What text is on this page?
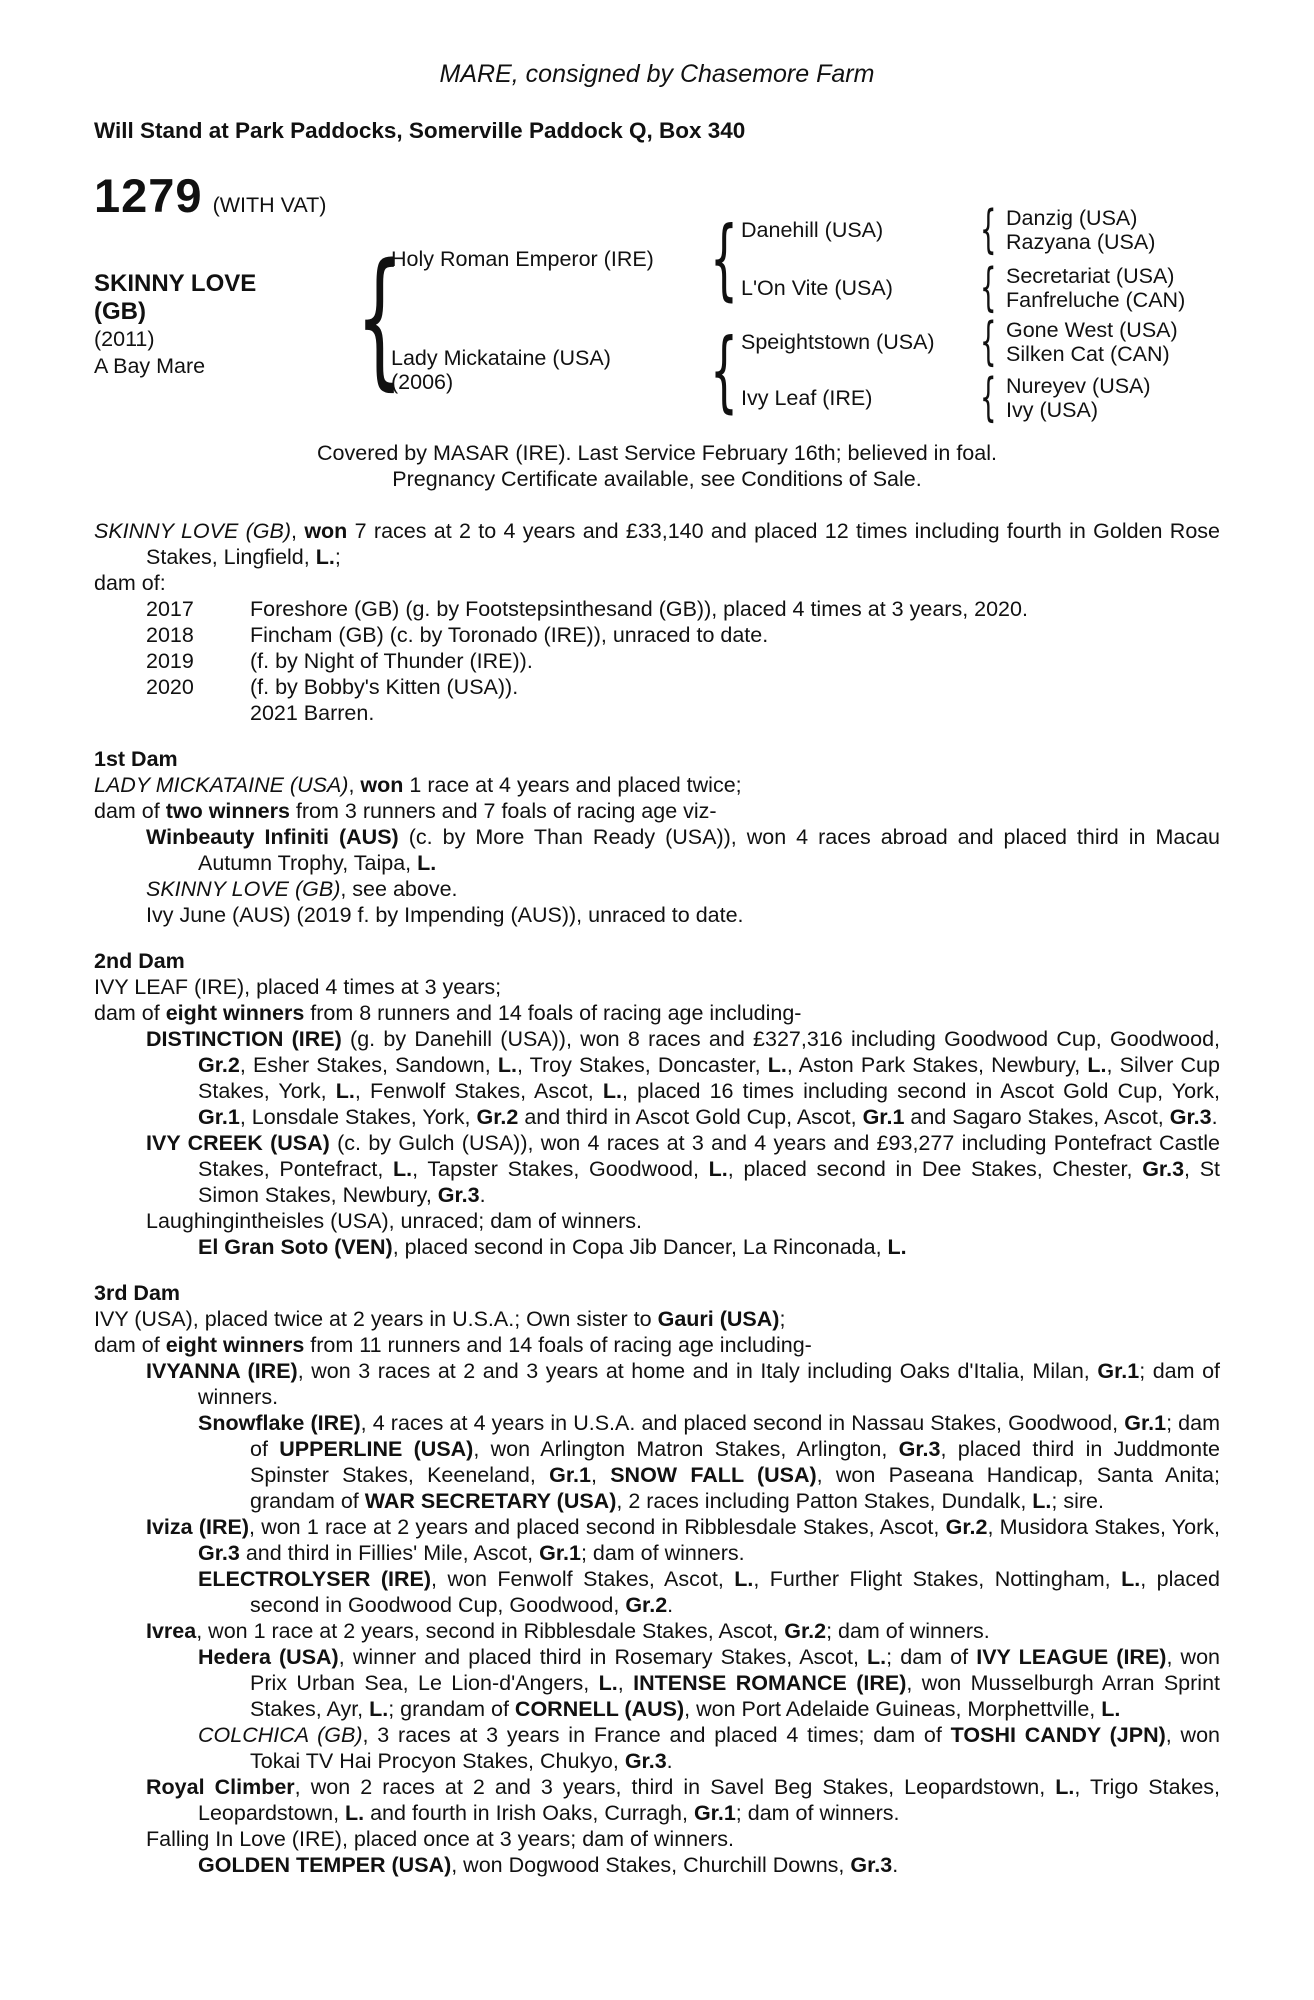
MARE, consigned by Chasemore Farm
Will Stand at Park Paddocks, Somerville Paddock Q, Box 340
1279 (WITH VAT)
SKINNY LOVE
(GB)
(2011)
A Bay Mare	{	{
{
{
{
{
{
Holy Roman Emperor (IRE)
Lady Mickataine (USA)
(2006)
Danehill (USA)
L'On Vite (USA)
Speightstown (USA)
Ivy Leaf (IRE)
Danzig (USA)
Razyana (USA)
Secretariat (USA)
Fanfreluche (CAN)
Gone West (USA)
Silken Cat (CAN)
Nureyev (USA)
Ivy (USA)
Covered by MASAR (IRE). Last Service February 16th; believed in foal.
Pregnancy Certificate available, see Conditions of Sale.
SKINNY LOVE (GB), won 7 races at 2 to 4 years and £33,140 and placed 12 times including fourth in Golden Rose Stakes, Lingfield, L.;
dam of:
2017	Foreshore (GB) (g. by Footstepsinthesand (GB)), placed 4 times at 3 years, 2020.
2018	Fincham (GB) (c. by Toronado (IRE)), unraced to date.
2019	(f. by Night of Thunder (IRE)).
2020	(f. by Bobby's Kitten (USA)).
2021 Barren.
1st Dam
LADY MICKATAINE (USA), won 1 race at 4 years and placed twice;
dam of two winners from 3 runners and 7 foals of racing age viz-
Winbeauty Infiniti (AUS) (c. by More Than Ready (USA)), won 4 races abroad and placed third in Macau Autumn Trophy, Taipa, L.
SKINNY LOVE (GB), see above.
Ivy June (AUS) (2019 f. by Impending (AUS)), unraced to date.
2nd Dam
IVY LEAF (IRE), placed 4 times at 3 years;
dam of eight winners from 8 runners and 14 foals of racing age including-
DISTINCTION (IRE) (g. by Danehill (USA)), won 8 races and £327,316 including Goodwood Cup, Goodwood, Gr.2, Esher Stakes, Sandown, L., Troy Stakes, Doncaster, L., Aston Park Stakes, Newbury, L., Silver Cup Stakes, York, L., Fenwolf Stakes, Ascot, L., placed 16 times including second in Ascot Gold Cup, York, Gr.1, Lonsdale Stakes, York, Gr.2 and third in Ascot Gold Cup, Ascot, Gr.1 and Sagaro Stakes, Ascot, Gr.3.
IVY CREEK (USA) (c. by Gulch (USA)), won 4 races at 3 and 4 years and £93,277 including Pontefract Castle Stakes, Pontefract, L., Tapster Stakes, Goodwood, L., placed second in Dee Stakes, Chester, Gr.3, St Simon Stakes, Newbury, Gr.3.
Laughingintheisles (USA), unraced; dam of winners.
El Gran Soto (VEN), placed second in Copa Jib Dancer, La Rinconada, L.
3rd Dam
IVY (USA), placed twice at 2 years in U.S.A.; Own sister to Gauri (USA);
dam of eight winners from 11 runners and 14 foals of racing age including-
IVYANNA (IRE), won 3 races at 2 and 3 years at home and in Italy including Oaks d'Italia, Milan, Gr.1; dam of winners.
Snowflake (IRE), 4 races at 4 years in U.S.A. and placed second in Nassau Stakes, Goodwood, Gr.1; dam of UPPERLINE (USA), won Arlington Matron Stakes, Arlington, Gr.3, placed third in Juddmonte Spinster Stakes, Keeneland, Gr.1, SNOW FALL (USA), won Paseana Handicap, Santa Anita; grandam of WAR SECRETARY (USA), 2 races including Patton Stakes, Dundalk, L.; sire.
Iviza (IRE), won 1 race at 2 years and placed second in Ribblesdale Stakes, Ascot, Gr.2, Musidora Stakes, York, Gr.3 and third in Fillies' Mile, Ascot, Gr.1; dam of winners.
ELECTROLYSER (IRE), won Fenwolf Stakes, Ascot, L., Further Flight Stakes, Nottingham, L., placed second in Goodwood Cup, Goodwood, Gr.2.
Ivrea, won 1 race at 2 years, second in Ribblesdale Stakes, Ascot, Gr.2; dam of winners.
Hedera (USA), winner and placed third in Rosemary Stakes, Ascot, L.; dam of IVY LEAGUE (IRE), won Prix Urban Sea, Le Lion-d'Angers, L., INTENSE ROMANCE (IRE), won Musselburgh Arran Sprint Stakes, Ayr, L.; grandam of CORNELL (AUS), won Port Adelaide Guineas, Morphettville, L.
COLCHICA (GB), 3 races at 3 years in France and placed 4 times; dam of TOSHI CANDY (JPN), won Tokai TV Hai Procyon Stakes, Chukyo, Gr.3.
Royal Climber, won 2 races at 2 and 3 years, third in Savel Beg Stakes, Leopardstown, L., Trigo Stakes, Leopardstown, L. and fourth in Irish Oaks, Curragh, Gr.1; dam of winners.
Falling In Love (IRE), placed once at 3 years; dam of winners.
GOLDEN TEMPER (USA), won Dogwood Stakes, Churchill Downs, Gr.3.
